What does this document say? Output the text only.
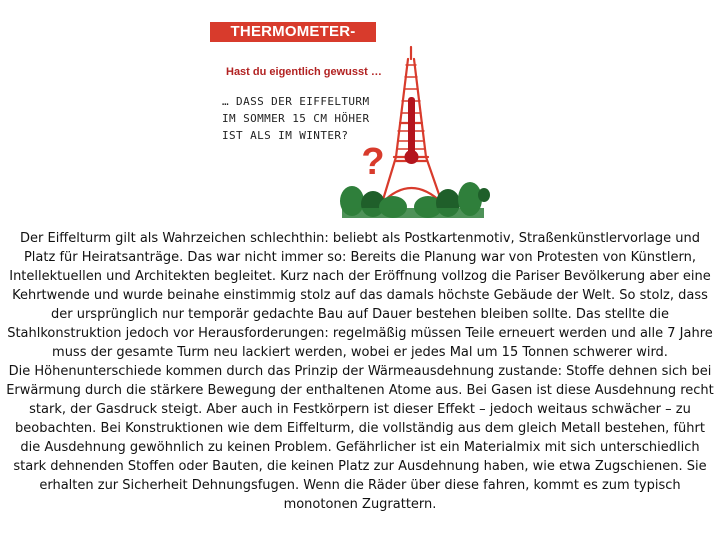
THERMOMETER-TURM
Hast du eigentlich gewusst …
… DASS DER EIFFELTURM
IM SOMMER 15 CM HÖHER
IST ALS IM WINTER?
?

Der Eiffelturm gilt als Wahrzeichen schlechthin: beliebt als Postkartenmotiv, Straßenkünstlervorlage und Platz für Heiratsanträge. Das war nicht immer so: Bereits die Planung war von Protesten von Künstlern, Intellektuellen und Architekten begleitet. Kurz nach der Eröffnung vollzog die Pariser Bevölkerung aber eine Kehrtwende und wurde beinahe einstimmig stolz auf das damals höchste Gebäude der Welt. So stolz, dass der ursprünglich nur temporär gedachte Bau auf Dauer bestehen bleiben sollte. Das stellte die Stahlkonstruktion jedoch vor Herausforderungen: regelmäßig müssen Teile erneuert werden und alle 7 Jahre muss der gesamte Turm neu lackiert werden, wobei er jedes Mal um 15 Tonnen schwerer wird.

Die Höhenunterschiede kommen durch das Prinzip der Wärmeausdehnung zustande: Stoffe dehnen sich bei Erwärmung durch die stärkere Bewegung der enthaltenen Atome aus. Bei Gasen ist diese Ausdehnung recht stark, der Gasdruck steigt. Aber auch in Festkörpern ist dieser Effekt – jedoch weitaus schwächer – zu beobachten. Bei Konstruktionen wie dem Eiffelturm, die vollständig aus dem gleich Metall bestehen, führt die Ausdehnung gewöhnlich zu keinen Problem. Gefährlicher ist ein Materialmix mit sich unterschiedlich stark dehnenden Stoffen oder Bauten, die keinen Platz zur Ausdehnung haben, wie etwa Zugschienen. Sie erhalten zur Sicherheit Dehnungsfugen. Wenn die Räder über diese fahren, kommt es zum typisch monotonen Zugrattern.
